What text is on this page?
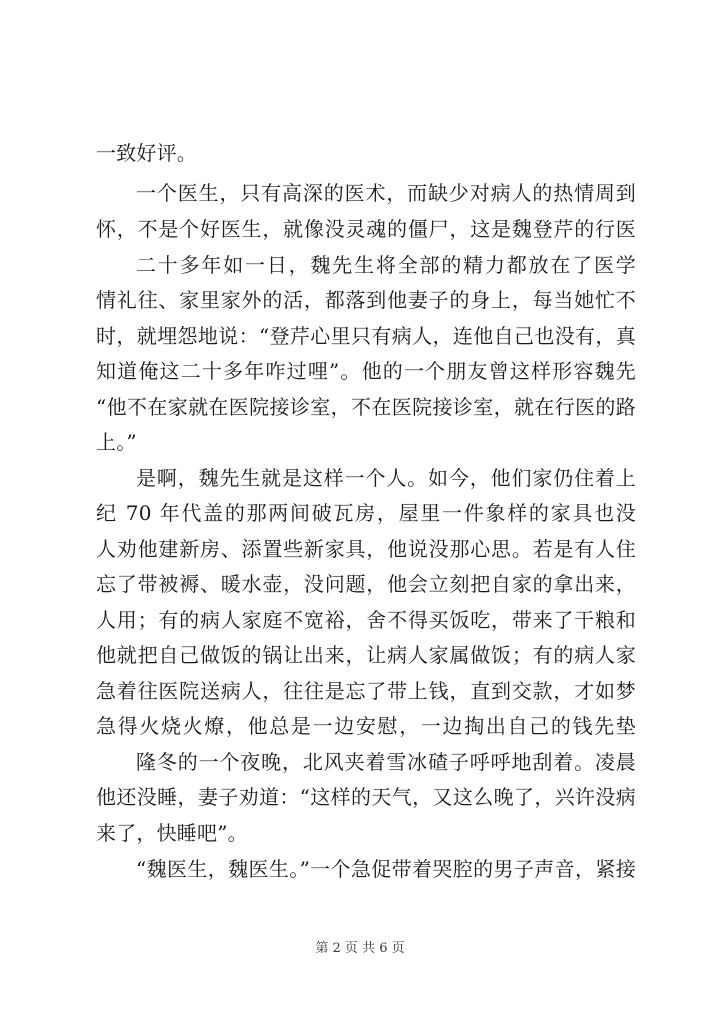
一致好评。
一个医生，只有高深的医术，而缺少对病人的热情周到
怀，不是个好医生，就像没灵魂的僵尸，这是魏登芹的行医
二十多年如一日，魏先生将全部的精力都放在了医学
情礼往、家里家外的活，都落到他妻子的身上，每当她忙不
时，就埋怨地说：“登芹心里只有病人，连他自己也没有，真
知道俺这二十多年咋过哩”。他的一个朋友曾这样形容魏先
“他不在家就在医院接诊室，不在医院接诊室，就在行医的路
上。”
是啊，魏先生就是这样一个人。如今，他们家仍住着上
纪 70 年代盖的那两间破瓦房，屋里一件象样的家具也没
人劝他建新房、添置些新家具，他说没那心思。若是有人住
忘了带被褥、暖水壶，没问题，他会立刻把自家的拿出来，
人用；有的病人家庭不宽裕，舍不得买饭吃，带来了干粮和
他就把自己做饭的锅让出来，让病人家属做饭；有的病人家
急着往医院送病人，往往是忘了带上钱，直到交款，才如梦
急得火烧火燎，他总是一边安慰，一边掏出自己的钱先垫
隆冬的一个夜晚，北风夹着雪冰碴子呼呼地刮着。凌晨
他还没睡，妻子劝道：“这样的天气，又这么晚了，兴许没病
来了，快睡吧”。
“魏医生，魏医生。”一个急促带着哭腔的男子声音，紧接
第 2 页 共 6 页
